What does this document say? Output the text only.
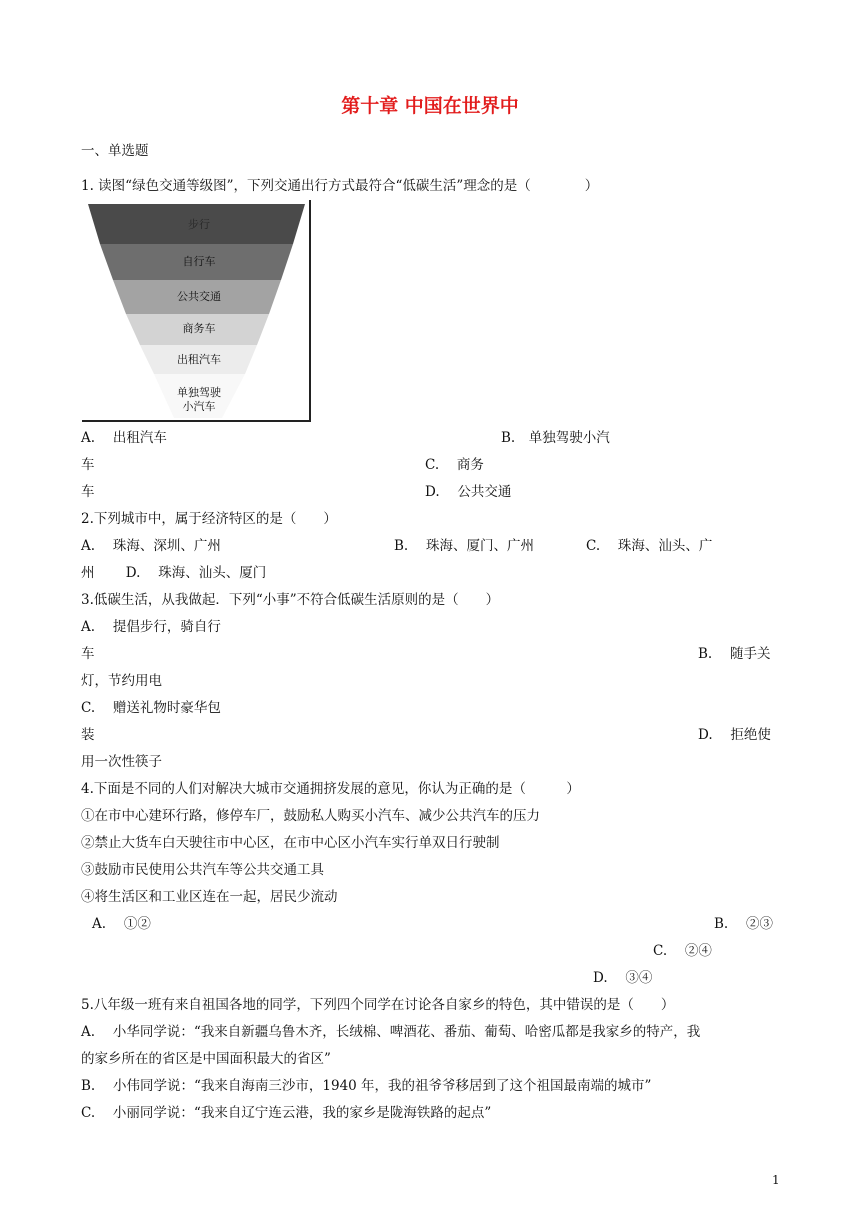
第十章 中国在世界中
一、单选题
1. 读图“绿色交通等级图”，下列交通出行方式最符合“低碳生活”理念的是（　　　　）
步行
自行车
公共交通
商务车
出租汽车
单独驾驶
小汽车
A.　 出租汽车	B.　单独驾驶小汽
车	C.　 商务
车	D.　 公共交通
2.下列城市中，属于经济特区的是（　　）
A.　 珠海、深圳、广州	B.　 珠海、厦门、广州	C.　 珠海、汕头、广
州　　 D.　 珠海、汕头、厦门
3.低碳生活，从我做起．下列“小事”不符合低碳生活原则的是（　　）
A.　 提倡步行，骑自行
车	B.　 随手关
灯，节约用电
C.　 赠送礼物时豪华包
装	D.　 拒绝使
用一次性筷子
4.下面是不同的人们对解决大城市交通拥挤发展的意见，你认为正确的是（　　　）
①在市中心建环行路，修停车厂，鼓励私人购买小汽车、减少公共汽车的压力
②禁止大货车白天驶往市中心区，在市中心区小汽车实行单双日行驶制
③鼓励市民使用公共汽车等公共交通工具
④将生活区和工业区连在一起，居民少流动
A.　 ①②	B.　 ②③
C.　 ②④
D.　 ③④
5.八年级一班有来自祖国各地的同学，下列四个同学在讨论各自家乡的特色，其中错误的是（　　）
A.　 小华同学说：“我来自新疆乌鲁木齐，长绒棉、啤酒花、番茄、葡萄、哈密瓜都是我家乡的特产，我
的家乡所在的省区是中国面积最大的省区”
B.　 小伟同学说：“我来自海南三沙市，1940 年，我的祖爷爷移居到了这个祖国最南端的城市”
C.　 小丽同学说：“我来自辽宁连云港，我的家乡是陇海铁路的起点”
1
